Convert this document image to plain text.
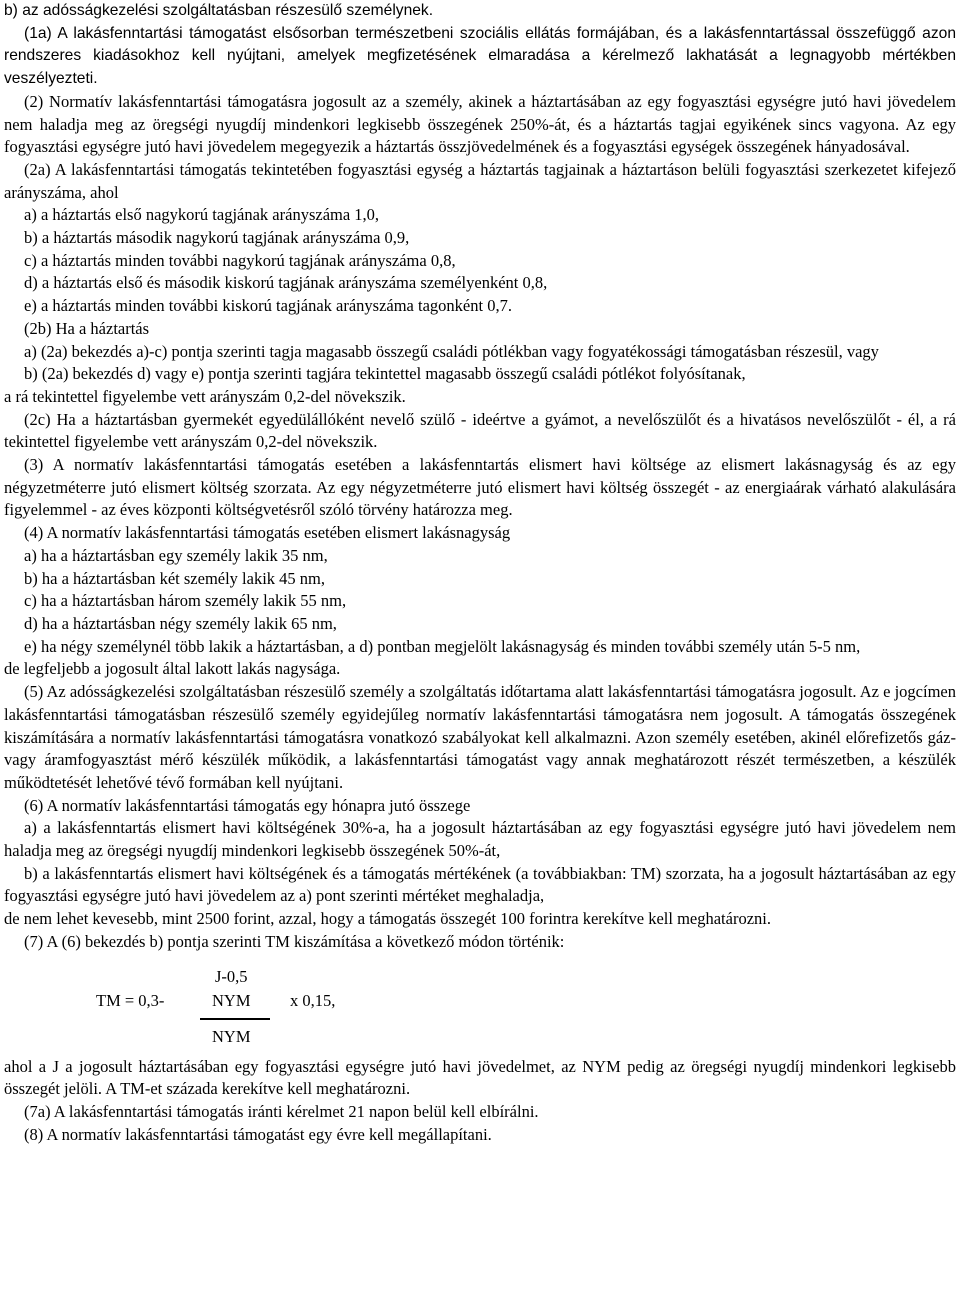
b) az adósságkezelési szolgáltatásban részesülő személynek.

(1a) A lakásfenntartási támogatást elsősorban természetbeni szociális ellátás formájában, és a lakásfenntartással összefüggő azon rendszeres kiadásokhoz kell nyújtani, amelyek megfizetésének elmaradása a kérelmező lakhatását a legnagyobb mértékben veszélyezteti.

(2) Normatív lakásfenntartási támogatásra jogosult az a személy, akinek a háztartásában az egy fogyasztási egységre jutó havi jövedelem nem haladja meg az öregségi nyugdíj mindenkori legkisebb összegének 250%-át, és a háztartás tagjai egyikének sincs vagyona. Az egy fogyasztási egységre jutó havi jövedelem megegyezik a háztartás összjövedelmének és a fogyasztási egységek összegének hányadosával.

(2a) A lakásfenntartási támogatás tekintetében fogyasztási egység a háztartás tagjainak a háztartáson belüli fogyasztási szerkezetet kifejező arányszáma, ahol

a) a háztartás első nagykorú tagjának arányszáma 1,0,

b) a háztartás második nagykorú tagjának arányszáma 0,9,

c) a háztartás minden további nagykorú tagjának arányszáma 0,8,

d) a háztartás első és második kiskorú tagjának arányszáma személyenként 0,8,

e) a háztartás minden további kiskorú tagjának arányszáma tagonként 0,7.

(2b) Ha a háztartás

a) (2a) bekezdés a)-c) pontja szerinti tagja magasabb összegű családi pótlékban vagy fogyatékossági támogatásban részesül, vagy

b) (2a) bekezdés d) vagy e) pontja szerinti tagjára tekintettel magasabb összegű családi pótlékot folyósítanak,

a rá tekintettel figyelembe vett arányszám 0,2-del növekszik.

(2c) Ha a háztartásban gyermekét egyedülállóként nevelő szülő - ideértve a gyámot, a nevelőszülőt és a hivatásos nevelőszülőt - él, a rá tekintettel figyelembe vett arányszám 0,2-del növekszik.

(3) A normatív lakásfenntartási támogatás esetében a lakásfenntartás elismert havi költsége az elismert lakásnagyság és az egy négyzetméterre jutó elismert költség szorzata. Az egy négyzetméterre jutó elismert havi költség összegét - az energiaárak várható alakulására figyelemmel - az éves központi költségvetésről szóló törvény határozza meg.

(4) A normatív lakásfenntartási támogatás esetében elismert lakásnagyság

a) ha a háztartásban egy személy lakik 35 nm,

b) ha a háztartásban két személy lakik 45 nm,

c) ha a háztartásban három személy lakik 55 nm,

d) ha a háztartásban négy személy lakik 65 nm,

e) ha négy személynél több lakik a háztartásban, a d) pontban megjelölt lakásnagyság és minden további személy után 5-5 nm,

de legfeljebb a jogosult által lakott lakás nagysága.

(5) Az adósságkezelési szolgáltatásban részesülő személy a szolgáltatás időtartama alatt lakásfenntartási támogatásra jogosult. Az e jogcímen lakásfenntartási támogatásban részesülő személy egyidejűleg normatív lakásfenntartási támogatásra nem jogosult. A támogatás összegének kiszámítására a normatív lakásfenntartási támogatásra vonatkozó szabályokat kell alkalmazni. Azon személy esetében, akinél előrefizetős gáz- vagy áramfogyasztást mérő készülék működik, a lakásfenntartási támogatást vagy annak meghatározott részét természetben, a készülék működtetését lehetővé tévő formában kell nyújtani.

(6) A normatív lakásfenntartási támogatás egy hónapra jutó összege

a) a lakásfenntartás elismert havi költségének 30%-a, ha a jogosult háztartásában az egy fogyasztási egységre jutó havi jövedelem nem haladja meg az öregségi nyugdíj mindenkori legkisebb összegének 50%-át,

b) a lakásfenntartás elismert havi költségének és a támogatás mértékének (a továbbiakban: TM) szorzata, ha a jogosult háztartásában az egy fogyasztási egységre jutó havi jövedelem az a) pont szerinti mértéket meghaladja,

de nem lehet kevesebb, mint 2500 forint, azzal, hogy a támogatás összegét 100 forintra kerekítve kell meghatározni.

(7) A (6) bekezdés b) pontja szerinti TM kiszámítása a következő módon történik:

TM = 0,3-
J-0,5
NYM x 0,15,
NYM

ahol a J a jogosult háztartásában egy fogyasztási egységre jutó havi jövedelmet, az NYM pedig az öregségi nyugdíj mindenkori legkisebb összegét jelöli. A TM-et százada kerekítve kell meghatározni.

(7a) A lakásfenntartási támogatás iránti kérelmet 21 napon belül kell elbírálni.

(8) A normatív lakásfenntartási támogatást egy évre kell megállapítani.
